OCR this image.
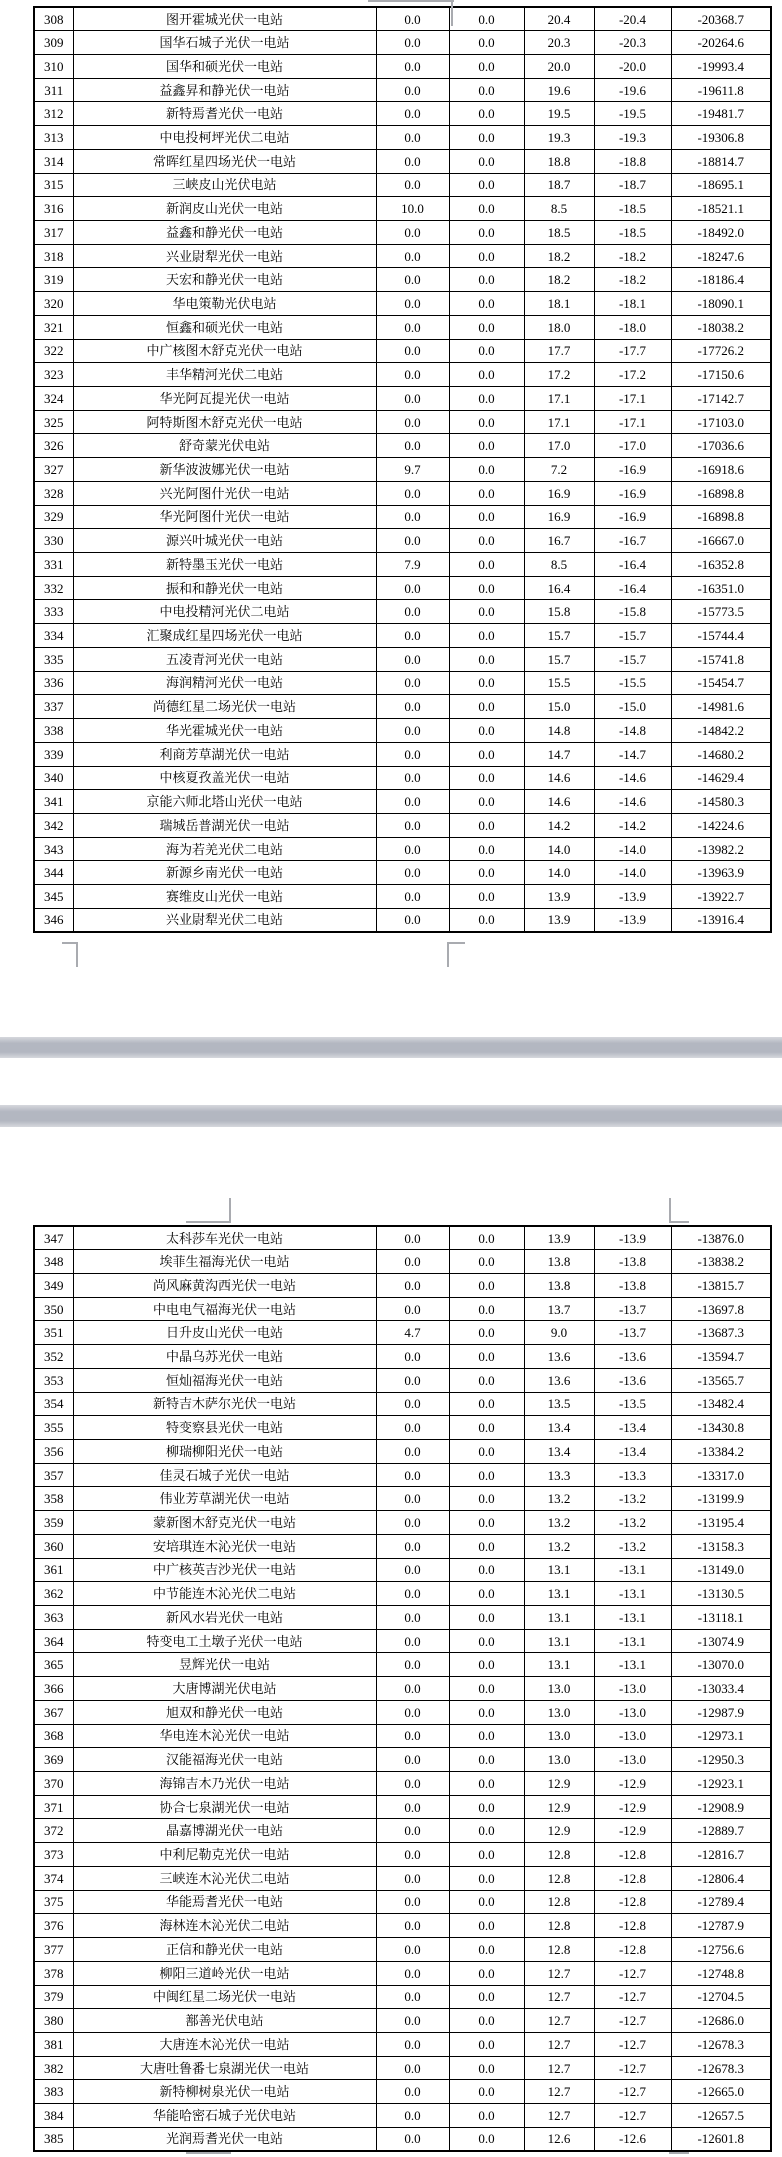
308	图开霍城光伏一电站	0.0	0.0	20.4	-20.4	-20368.7
309	国华石城子光伏一电站	0.0	0.0	20.3	-20.3	-20264.6
310	国华和硕光伏一电站	0.0	0.0	20.0	-20.0	-19993.4
311	益鑫昇和静光伏一电站	0.0	0.0	19.6	-19.6	-19611.8
312	新特焉耆光伏一电站	0.0	0.0	19.5	-19.5	-19481.7
313	中电投柯坪光伏二电站	0.0	0.0	19.3	-19.3	-19306.8
314	常晖红星四场光伏一电站	0.0	0.0	18.8	-18.8	-18814.7
315	三峡皮山光伏电站	0.0	0.0	18.7	-18.7	-18695.1
316	新润皮山光伏一电站	10.0	0.0	8.5	-18.5	-18521.1
317	益鑫和静光伏一电站	0.0	0.0	18.5	-18.5	-18492.0
318	兴业尉犁光伏一电站	0.0	0.0	18.2	-18.2	-18247.6
319	天宏和静光伏一电站	0.0	0.0	18.2	-18.2	-18186.4
320	华电策勒光伏电站	0.0	0.0	18.1	-18.1	-18090.1
321	恒鑫和硕光伏一电站	0.0	0.0	18.0	-18.0	-18038.2
322	中广核图木舒克光伏一电站	0.0	0.0	17.7	-17.7	-17726.2
323	丰华精河光伏二电站	0.0	0.0	17.2	-17.2	-17150.6
324	华光阿瓦提光伏一电站	0.0	0.0	17.1	-17.1	-17142.7
325	阿特斯图木舒克光伏一电站	0.0	0.0	17.1	-17.1	-17103.0
326	舒奇蒙光伏电站	0.0	0.0	17.0	-17.0	-17036.6
327	新华波波娜光伏一电站	9.7	0.0	7.2	-16.9	-16918.6
328	兴光阿图什光伏一电站	0.0	0.0	16.9	-16.9	-16898.8
329	华光阿图什光伏一电站	0.0	0.0	16.9	-16.9	-16898.8
330	源兴叶城光伏一电站	0.0	0.0	16.7	-16.7	-16667.0
331	新特墨玉光伏一电站	7.9	0.0	8.5	-16.4	-16352.8
332	振和和静光伏一电站	0.0	0.0	16.4	-16.4	-16351.0
333	中电投精河光伏二电站	0.0	0.0	15.8	-15.8	-15773.5
334	汇聚成红星四场光伏一电站	0.0	0.0	15.7	-15.7	-15744.4
335	五凌青河光伏一电站	0.0	0.0	15.7	-15.7	-15741.8
336	海润精河光伏一电站	0.0	0.0	15.5	-15.5	-15454.7
337	尚德红星二场光伏一电站	0.0	0.0	15.0	-15.0	-14981.6
338	华光霍城光伏一电站	0.0	0.0	14.8	-14.8	-14842.2
339	利商芳草湖光伏一电站	0.0	0.0	14.7	-14.7	-14680.2
340	中核夏孜盖光伏一电站	0.0	0.0	14.6	-14.6	-14629.4
341	京能六师北塔山光伏一电站	0.0	0.0	14.6	-14.6	-14580.3
342	瑞城岳普湖光伏一电站	0.0	0.0	14.2	-14.2	-14224.6
343	海为若羌光伏二电站	0.0	0.0	14.0	-14.0	-13982.2
344	新源乡南光伏一电站	0.0	0.0	14.0	-14.0	-13963.9
345	赛维皮山光伏一电站	0.0	0.0	13.9	-13.9	-13922.7
346	兴业尉犁光伏二电站	0.0	0.0	13.9	-13.9	-13916.4
347	太科莎车光伏一电站	0.0	0.0	13.9	-13.9	-13876.0
348	埃菲生福海光伏一电站	0.0	0.0	13.8	-13.8	-13838.2
349	尚风麻黄沟西光伏一电站	0.0	0.0	13.8	-13.8	-13815.7
350	中电电气福海光伏一电站	0.0	0.0	13.7	-13.7	-13697.8
351	日升皮山光伏一电站	4.7	0.0	9.0	-13.7	-13687.3
352	中晶乌苏光伏一电站	0.0	0.0	13.6	-13.6	-13594.7
353	恒灿福海光伏一电站	0.0	0.0	13.6	-13.6	-13565.7
354	新特吉木萨尔光伏一电站	0.0	0.0	13.5	-13.5	-13482.4
355	特变察县光伏一电站	0.0	0.0	13.4	-13.4	-13430.8
356	柳瑞柳阳光伏一电站	0.0	0.0	13.4	-13.4	-13384.2
357	佳灵石城子光伏一电站	0.0	0.0	13.3	-13.3	-13317.0
358	伟业芳草湖光伏一电站	0.0	0.0	13.2	-13.2	-13199.9
359	蒙新图木舒克光伏一电站	0.0	0.0	13.2	-13.2	-13195.4
360	安培琪连木沁光伏一电站	0.0	0.0	13.2	-13.2	-13158.3
361	中广核英吉沙光伏一电站	0.0	0.0	13.1	-13.1	-13149.0
362	中节能连木沁光伏二电站	0.0	0.0	13.1	-13.1	-13130.5
363	新风水岩光伏一电站	0.0	0.0	13.1	-13.1	-13118.1
364	特变电工土墩子光伏一电站	0.0	0.0	13.1	-13.1	-13074.9
365	昱辉光伏一电站	0.0	0.0	13.1	-13.1	-13070.0
366	大唐博湖光伏电站	0.0	0.0	13.0	-13.0	-13033.4
367	旭双和静光伏一电站	0.0	0.0	13.0	-13.0	-12987.9
368	华电连木沁光伏一电站	0.0	0.0	13.0	-13.0	-12973.1
369	汉能福海光伏一电站	0.0	0.0	13.0	-13.0	-12950.3
370	海锦吉木乃光伏一电站	0.0	0.0	12.9	-12.9	-12923.1
371	协合七泉湖光伏一电站	0.0	0.0	12.9	-12.9	-12908.9
372	晶嘉博湖光伏一电站	0.0	0.0	12.9	-12.9	-12889.7
373	中利尼勒克光伏一电站	0.0	0.0	12.8	-12.8	-12816.7
374	三峡连木沁光伏二电站	0.0	0.0	12.8	-12.8	-12806.4
375	华能焉耆光伏一电站	0.0	0.0	12.8	-12.8	-12789.4
376	海林连木沁光伏二电站	0.0	0.0	12.8	-12.8	-12787.9
377	正信和静光伏一电站	0.0	0.0	12.8	-12.8	-12756.6
378	柳阳三道岭光伏一电站	0.0	0.0	12.7	-12.7	-12748.8
379	中闽红星二场光伏一电站	0.0	0.0	12.7	-12.7	-12704.5
380	鄯善光伏电站	0.0	0.0	12.7	-12.7	-12686.0
381	大唐连木沁光伏一电站	0.0	0.0	12.7	-12.7	-12678.3
382	大唐吐鲁番七泉湖光伏一电站	0.0	0.0	12.7	-12.7	-12678.3
383	新特柳树泉光伏一电站	0.0	0.0	12.7	-12.7	-12665.0
384	华能哈密石城子光伏电站	0.0	0.0	12.7	-12.7	-12657.5
385	光润焉耆光伏一电站	0.0	0.0	12.6	-12.6	-12601.8
